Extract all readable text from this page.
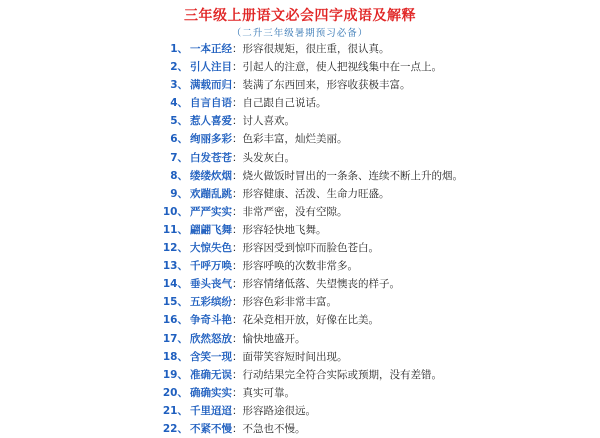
三年级上册语文必会四字成语及解释
（二升三年级暑期预习必备）
1、 一本正经：形容很规矩，很庄重，很认真。
2、 引人注目：引起人的注意，使人把视线集中在一点上。
3、 满载而归：装满了东西回来，形容收获极丰富。
4、 自言自语：自己跟自己说话。
5、 惹人喜爱：讨人喜欢。
6、 绚丽多彩：色彩丰富，灿烂美丽。
7、 白发苍苍：头发灰白。
8、 缕缕炊烟：烧火做饭时冒出的一条条、连续不断上升的烟。
9、 欢蹦乱跳：形容健康、活泼、生命力旺盛。
10、 严严实实：非常严密，没有空隙。
11、 翩翩飞舞：形容轻快地飞舞。
12、 大惊失色：形容因受到惊吓而脸色苍白。
13、 千呼万唤：形容呼唤的次数非常多。
14、 垂头丧气：形容情绪低落、失望懊丧的样子。
15、 五彩缤纷：形容色彩非常丰富。
16、 争奇斗艳：花朵竞相开放，好像在比美。
17、 欣然怒放：愉快地盛开。
18、 含笑一现：面带笑容短时间出现。
19、 准确无误：行动结果完全符合实际或预期，没有差错。
20、 确确实实：真实可靠。
21、 千里迢迢：形容路途很远。
22、 不紧不慢：不急也不慢。
